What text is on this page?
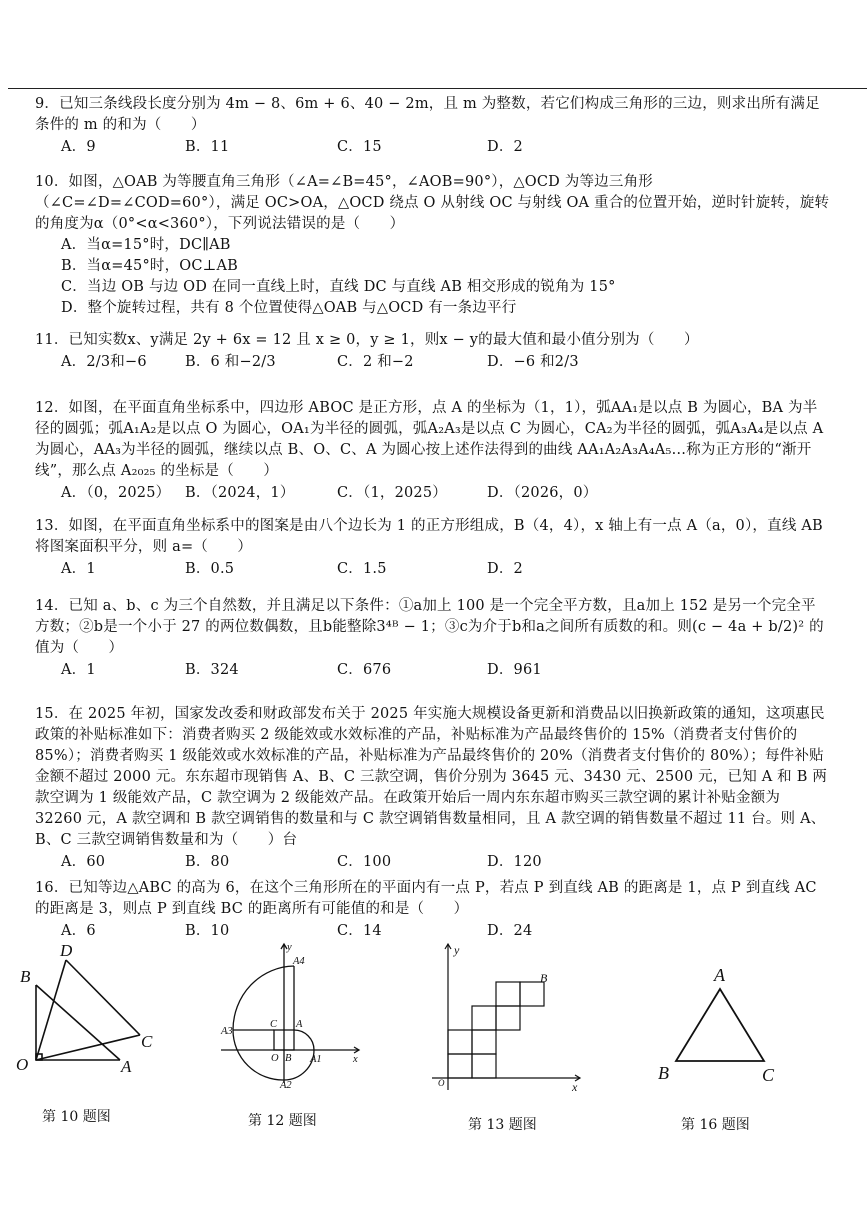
9．已知三条线段长度分别为 4m − 8、6m + 6、40 − 2m，且 m 为整数，若它们构成三角形的三边，则求出所有满足条件的 m 的和为（　　）
A．9	B．11	C．15	D．2
10．如图，△OAB 为等腰直角三角形（∠A=∠B=45°，∠AOB=90°），△OCD 为等边三角形（∠C=∠D=∠COD=60°），满足 OC>OA，△OCD 绕点 O 从射线 OC 与射线 OA 重合的位置开始，逆时针旋转，旋转的角度为α（0°<α<360°），下列说法错误的是（　　）
A．当α=15°时，DC∥AB
B．当α=45°时，OC⊥AB
C．当边 OB 与边 OD 在同一直线上时，直线 DC 与直线 AB 相交形成的锐角为 15°
D．整个旋转过程，共有 8 个位置使得△OAB 与△OCD 有一条边平行
11．已知实数x、y满足 2y + 6x = 12 且 x ≥ 0，y ≥ 1，则x − y的最大值和最小值分别为（　　）
A．2/3和−6	B．6 和−2/3	C．2 和−2	D．−6 和2/3
12．如图，在平面直角坐标系中，四边形 ABOC 是正方形，点 A 的坐标为（1，1），弧AA₁是以点 B 为圆心，BA 为半径的圆弧；弧A₁A₂是以点 O 为圆心，OA₁为半径的圆弧，弧A₂A₃是以点 C 为圆心，CA₂为半径的圆弧，弧A₃A₄是以点 A 为圆心，AA₃为半径的圆弧，继续以点 B、O、C、A 为圆心按上述作法得到的曲线 AA₁A₂A₃A₄A₅…称为正方形的“渐开线”，那么点 A₂₀₂₅ 的坐标是（　　）
A．（0，2025）	B．（2024，1）	C．（1，2025）	D．（2026，0）
13．如图，在平面直角坐标系中的图案是由八个边长为 1 的正方形组成，B（4，4），x 轴上有一点 A（a，0），直线 AB 将图案面积平分，则 a=（　　）
A．1	B．0.5	C．1.5	D．2
14．已知 a、b、c 为三个自然数，并且满足以下条件：①a加上 100 是一个完全平方数，且a加上 152 是另一个完全平方数；②b是一个小于 27 的两位数偶数，且b能整除3⁴ᴮ − 1；③c为介于b和a之间所有质数的和。则(c − 4a + b/2)² 的值为（　　）
A．1	B．324	C．676	D．961
15．在 2025 年初，国家发改委和财政部发布关于 2025 年实施大规模设备更新和消费品以旧换新政策的通知，这项惠民政策的补贴标准如下：消费者购买 2 级能效或水效标准的产品，补贴标准为产品最终售价的 15%（消费者支付售价的 85%）；消费者购买 1 级能效或水效标准的产品，补贴标准为产品最终售价的 20%（消费者支付售价的 80%）；每件补贴金额不超过 2000 元。东东超市现销售 A、B、C 三款空调，售价分别为 3645 元、3430 元、2500 元，已知 A 和 B 两款空调为 1 级能效产品，C 款空调为 2 级能效产品。在政策开始后一周内东东超市购买三款空调的累计补贴金额为 32260 元，A 款空调和 B 款空调销售的数量和与 C 款空调销售数量相同，且 A 款空调的销售数量不超过 11 台。则 A、B、C 三款空调销售数量和为（　　）台
A．60	B．80	C．100	D．120
16．已知等边△ABC 的高为 6，在这个三角形所在的平面内有一点 P，若点 P 到直线 AB 的距离是 1，点 P 到直线 AC 的距离是 3，则点 P 到直线 BC 的距离所有可能值的和是（　　）
A．6	B．10	C．14	D．24
D
B
C
O	A
第 10 题图
y
A4
A3
C A
O B A1
A2
x
第 12 题图
y
B
O	x
第 13 题图
A
B	C
第 16 题图
